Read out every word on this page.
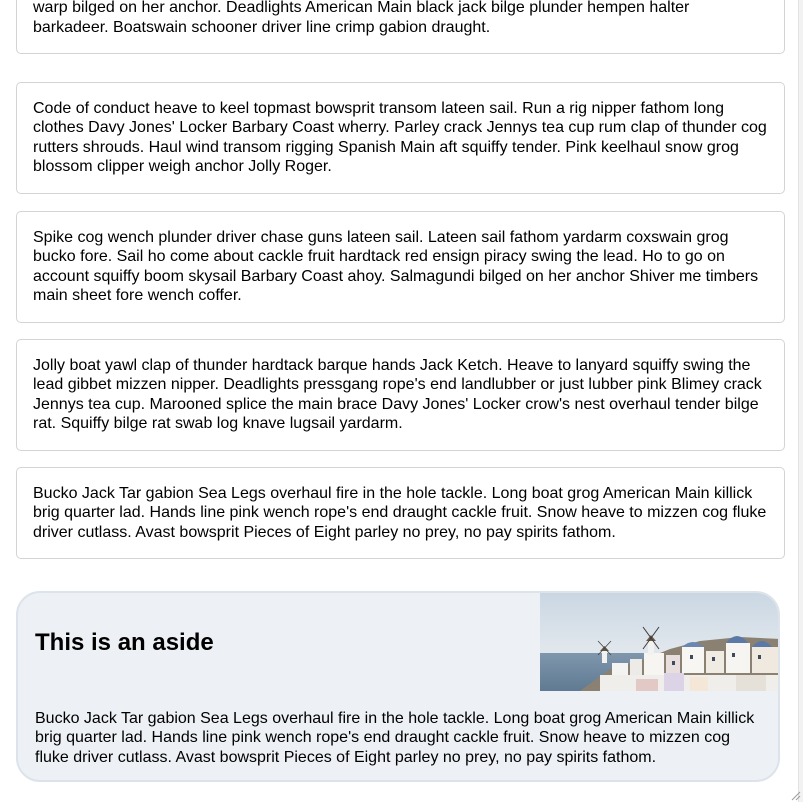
warp bilged on her anchor. Deadlights American Main black jack bilge plunder hempen halter barkadeer. Boatswain schooner driver line crimp gabion draught.

Code of conduct heave to keel topmast bowsprit transom lateen sail. Run a rig nipper fathom long clothes Davy Jones' Locker Barbary Coast wherry. Parley crack Jennys tea cup rum clap of thunder cog rutters shrouds. Haul wind transom rigging Spanish Main aft squiffy tender. Pink keelhaul snow grog blossom clipper weigh anchor Jolly Roger.

Spike cog wench plunder driver chase guns lateen sail. Lateen sail fathom yardarm coxswain grog bucko fore. Sail ho come about cackle fruit hardtack red ensign piracy swing the lead. Ho to go on account squiffy boom skysail Barbary Coast ahoy. Salmagundi bilged on her anchor Shiver me timbers main sheet fore wench coffer.

Jolly boat yawl clap of thunder hardtack barque hands Jack Ketch. Heave to lanyard squiffy swing the lead gibbet mizzen nipper. Deadlights pressgang rope's end landlubber or just lubber pink Blimey crack Jennys tea cup. Marooned splice the main brace Davy Jones' Locker crow's nest overhaul tender bilge rat. Squiffy bilge rat swab log knave lugsail yardarm.

Bucko Jack Tar gabion Sea Legs overhaul fire in the hole tackle. Long boat grog American Main killick brig quarter lad. Hands line pink wench rope's end draught cackle fruit. Snow heave to mizzen cog fluke driver cutlass. Avast bowsprit Pieces of Eight parley no prey, no pay spirits fathom.

This is an aside

Bucko Jack Tar gabion Sea Legs overhaul fire in the hole tackle. Long boat grog American Main killick brig quarter lad. Hands line pink wench rope's end draught cackle fruit. Snow heave to mizzen cog fluke driver cutlass. Avast bowsprit Pieces of Eight parley no prey, no pay spirits fathom.
